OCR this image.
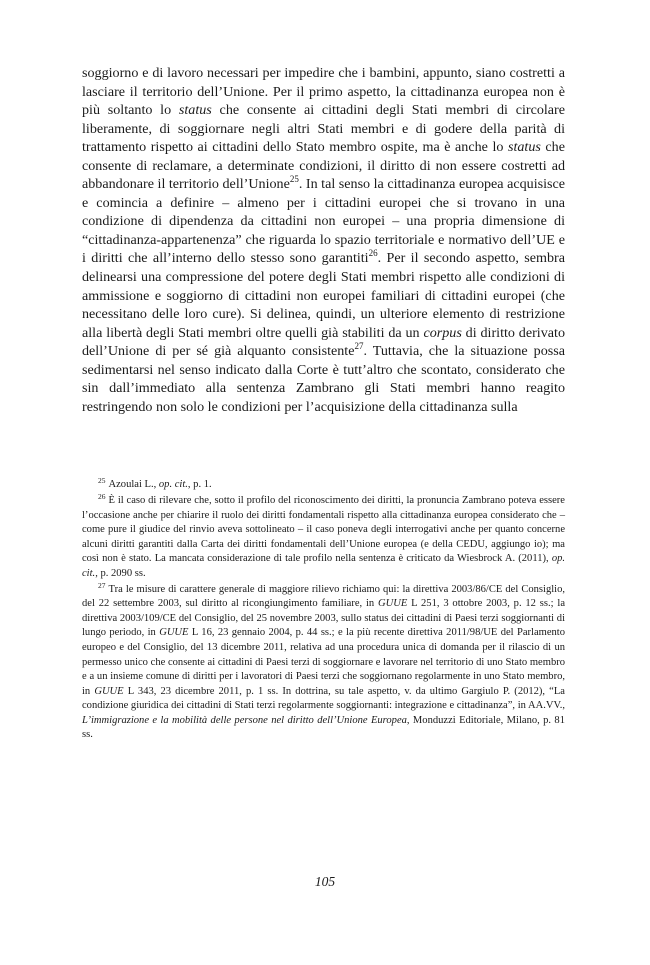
soggiorno e di lavoro necessari per impedire che i bambini, appunto, siano costretti a lasciare il territorio dell’Unione. Per il primo aspetto, la cittadinanza europea non è più soltanto lo status che consente ai cittadini degli Stati membri di circolare liberamente, di soggiornare negli altri Stati membri e di godere della parità di trattamento rispetto ai cittadini dello Stato membro ospite, ma è anche lo status che consente di reclamare, a determinate condizioni, il diritto di non essere costretti ad abbandonare il territorio dell’Unione$^{25}$. In tal senso la cittadinanza europea acquisisce e comincia a definire – almeno per i cittadini europei che si trovano in una condizione di dipendenza da cittadini non europei – una propria dimensione di “cittadinanza-appartenenza” che riguarda lo spazio territoriale e normativo dell’UE e i diritti che all’interno dello stesso sono garantiti$^{26}$. Per il secondo aspetto, sembra delinearsi una compressione del potere degli Stati membri rispetto alle condizioni di ammissione e soggiorno di cittadini non europei familiari di cittadini europei (che necessitano delle loro cure). Si delinea, quindi, un ulteriore elemento di restrizione alla libertà degli Stati membri oltre quelli già stabiliti da un corpus di diritto derivato dell’Unione di per sé già alquanto consistente$^{27}$. Tuttavia, che la situazione possa sedimentarsi nel senso indicato dalla Corte è tutt’altro che scontato, considerato che sin dall’immediato alla sentenza Zambrano gli Stati membri hanno reagito restringendo non solo le condizioni per l’acquisizione della cittadinanza sulla

$^{25}$ Azoulai L., op. cit., p. 1.

$^{26}$ È il caso di rilevare che, sotto il profilo del riconoscimento dei diritti, la pronuncia Zambrano poteva essere l’occasione anche per chiarire il ruolo dei diritti fondamentali rispetto alla cittadinanza europea considerato che – come pure il giudice del rinvio aveva sottolineato – il caso poneva degli interrogativi anche per quanto concerne alcuni diritti garantiti dalla Carta dei diritti fondamentali dell’Unione europea (e della CEDU, aggiungo io); ma così non è stato. La mancata considerazione di tale profilo nella sentenza è criticato da Wiesbrock A. (2011), op. cit., p. 2090 ss.

$^{27}$ Tra le misure di carattere generale di maggiore rilievo richiamo qui: la direttiva 2003/86/CE del Consiglio, del 22 settembre 2003, sul diritto al ricongiungimento familiare, in GUUE L 251, 3 ottobre 2003, p. 12 ss.; la direttiva 2003/109/CE del Consiglio, del 25 novembre 2003, sullo status dei cittadini di Paesi terzi soggiornanti di lungo periodo, in GUUE L 16, 23 gennaio 2004, p. 44 ss.; e la più recente direttiva 2011/98/UE del Parlamento europeo e del Consiglio, del 13 dicembre 2011, relativa ad una procedura unica di domanda per il rilascio di un permesso unico che consente ai cittadini di Paesi terzi di soggiornare e lavorare nel territorio di uno Stato membro e a un insieme comune di diritti per i lavoratori di Paesi terzi che soggiornano regolarmente in uno Stato membro, in GUUE L 343, 23 dicembre 2011, p. 1 ss. In dottrina, su tale aspetto, v. da ultimo Gargiulo P. (2012), “La condizione giuridica dei cittadini di Stati terzi regolarmente soggiornanti: integrazione e cittadinanza”, in AA.VV., L’immigrazione e la mobilità delle persone nel diritto dell’Unione Europea, Monduzzi Editoriale, Milano, p. 81 ss.

105
